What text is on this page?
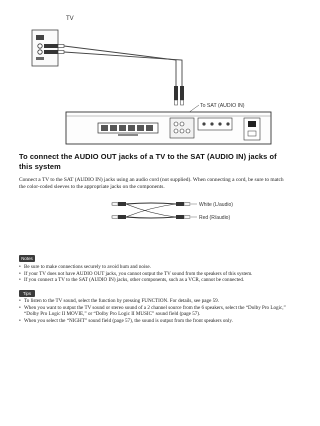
TV
To SAT (AUDIO IN)
To connect the AUDIO OUT jacks of a TV to the SAT (AUDIO IN) jacks of this system
Connect a TV to the SAT (AUDIO IN) jacks using an audio cord (not supplied). When connecting a cord, be sure to match the color-coded sleeves to the appropriate jacks on the components.
White (L/audio)
Red (R/audio)
Notes
• Be sure to make connections securely to avoid hum and noise.
• If your TV does not have AUDIO OUT jacks, you cannot output the TV sound from the speakers of this system.
• If you connect a TV to the SAT (AUDIO IN) jacks, other components, such as a VCR, cannot be connected.
Tips
• To listen to the TV sound, select the function by pressing FUNCTION. For details, see page 59.
• When you want to output the TV sound or stereo sound of a 2 channel source from the 6 speakers, select the “Dolby Pro Logic,” “Dolby Pro Logic II MOVIE,” or “Dolby Pro Logic II MUSIC” sound field (page 57).
• When you select the “NIGHT” sound field (page 57), the sound is output from the front speakers only.
